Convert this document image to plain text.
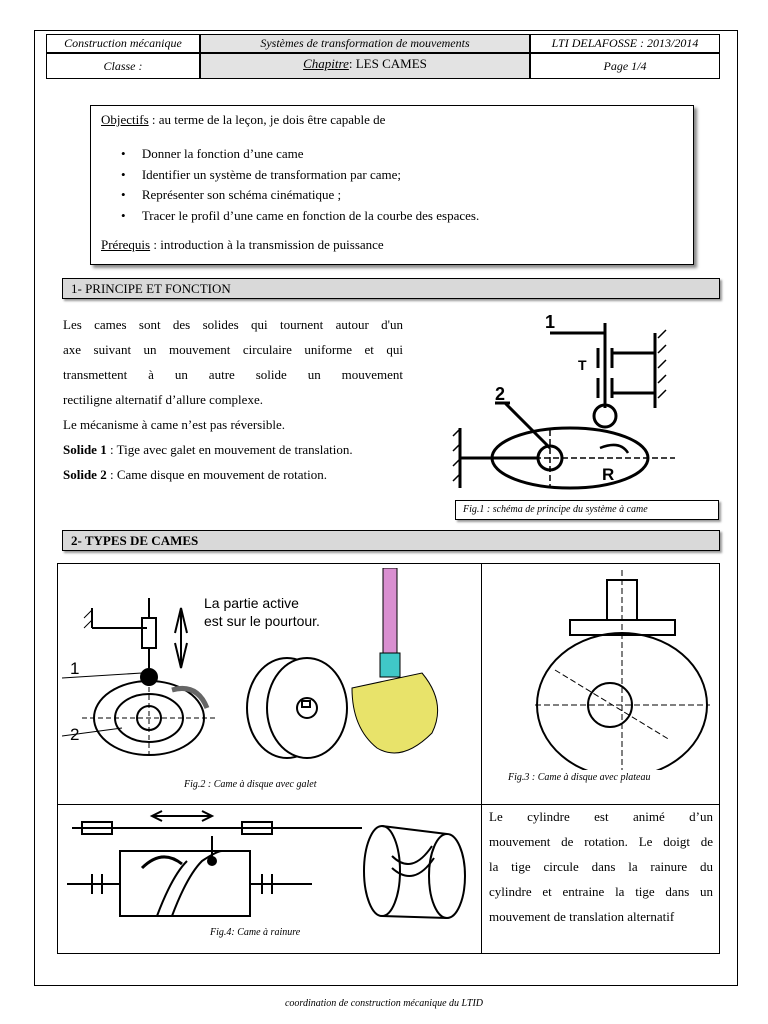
Construction mécanique	Systèmes de transformation de mouvements	LTI DELAFOSSE : 2013/2014
Classe :	Chapitre : LES CAMES	Page 1/4
Objectifs : au terme de la leçon, je dois être capable de
•     Donner la fonction d’une came
•     Identifier un système de transformation par came;
•     Représenter son schéma cinématique ;
•     Tracer le profil d’une came en fonction de la courbe des espaces.
Prérequis : introduction à la transmission de puissance
1- PRINCIPE ET FONCTION
Les cames sont des solides qui tournent autour d'un
axe suivant un mouvement circulaire uniforme et qui
transmettent à un autre solide un mouvement
rectiligne alternatif d’allure complexe.
Le mécanisme à came n’est pas réversible.
Solide 1 : Tige avec galet en mouvement de translation.
Solide 2 : Came disque en mouvement de rotation.
1
2
R
T
Fig.1 : schéma de principe du système à came
2- TYPES DE CAMES
La partie active
est sur le pourtour.
1
2
Fig.2 : Came à disque avec galet
Fig.3 : Came à disque avec plateau
Fig.4: Came à rainure
Le cylindre est animé d’un
mouvement de rotation. Le doigt de
la tige circule dans la rainure du
cylindre et entraine la tige dans un
mouvement de translation alternatif
coordination de construction mécanique du LTID
